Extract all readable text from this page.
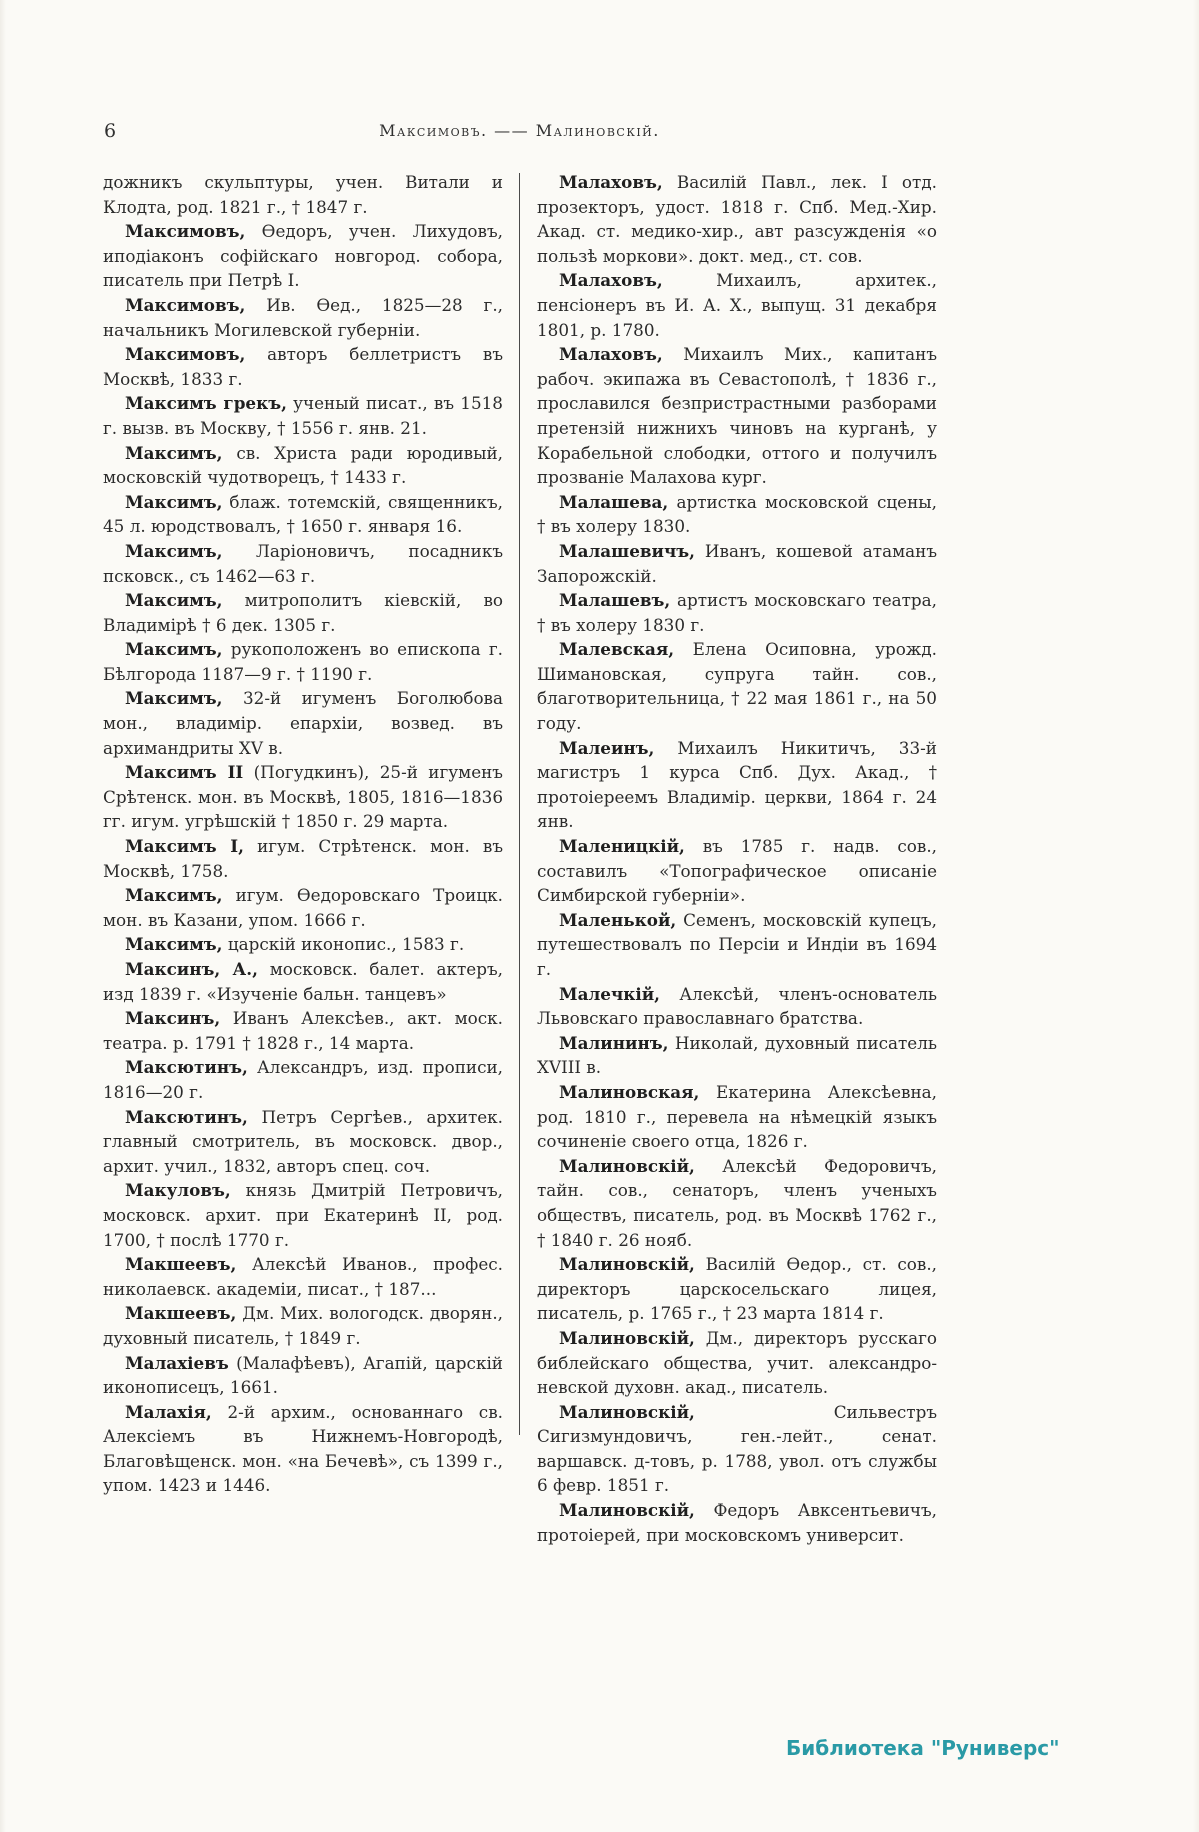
6	Максимовъ. —— Малиновскій.

дожникъ скульптуры, учен. Витали и Клодта, род. 1821 г., † 1847 г.

Максимовъ, Ѳедоръ, учен. Лихудовъ, иподіаконъ софійскаго новгород. собора, писатель при Петрѣ I.

Максимовъ, Ив. Ѳед., 1825—28 г., начальникъ Могилевской губерніи.

Максимовъ, авторъ беллетристъ въ Москвѣ, 1833 г.

Максимъ грекъ, ученый писат., въ 1518 г. вызв. въ Москву, † 1556 г. янв. 21.

Максимъ, св. Христа ради юродивый, московскій чудотворецъ, † 1433 г.

Максимъ, блаж. тотемскій, священникъ, 45 л. юродствовалъ, † 1650 г. января 16.

Максимъ, Ларіоновичъ, посадникъ псковск., съ 1462—63 г.

Максимъ, митрополитъ кіевскій, во Владимірѣ † 6 дек. 1305 г.

Максимъ, рукоположенъ во епископа г. Бѣлгорода 1187—9 г. † 1190 г.

Максимъ, 32-й игуменъ Боголюбова мон., владимір. епархіи, возвед. въ архимандриты XV в.

Максимъ II (Погудкинъ), 25-й игуменъ Срѣтенск. мон. въ Москвѣ, 1805, 1816—1836 гг. игум. угрѣшскій † 1850 г. 29 марта.

Максимъ I, игум. Стрѣтенск. мон. въ Москвѣ, 1758.

Максимъ, игум. Ѳедоровскаго Троицк. мон. въ Казани, упом. 1666 г.

Максимъ, царскій иконопис., 1583 г.

Максинъ, А., московск. балет. актеръ, изд 1839 г. «Изученіе бальн. танцевъ»

Максинъ, Иванъ Алексѣев., акт. моск. театра. р. 1791 † 1828 г., 14 марта.

Максютинъ, Александръ, изд. прописи, 1816—20 г.

Максютинъ, Петръ Сергѣев., архитек. главный смотритель, въ московск. двор., архит. учил., 1832, авторъ спец. соч.

Макуловъ, князь Дмитрій Петровичъ, московск. архит. при Екатеринѣ II, род. 1700, † послѣ 1770 г.

Макшеевъ, Алексѣй Иванов., профес. николаевск. академіи, писат., † 187...

Макшеевъ, Дм. Мих. вологодск. дворян., духовный писатель, † 1849 г.

Малахіевъ (Малафѣевъ), Агапій, царскій иконописецъ, 1661.

Малахія, 2-й архим., основаннаго св. Алексіемъ въ Нижнемъ-Новгородѣ, Благовѣщенск. мон. «на Бечевѣ», съ 1399 г., упом. 1423 и 1446.

Малаховъ, Василій Павл., лек. I отд. прозекторъ, удост. 1818 г. Спб. Мед.-Хир. Акад. ст. медико-хир., авт разсужденія «о пользѣ моркови». докт. мед., ст. сов.

Малаховъ, Михаилъ, архитек., пенсіонеръ въ И. А. Х., выпущ. 31 декабря 1801, р. 1780.

Малаховъ, Михаилъ Мих., капитанъ рабоч. экипажа въ Севастополѣ, † 1836 г., прославился безпристрастными разборами претензій нижнихъ чиновъ на курганѣ, у Корабельной слободки, оттого и получилъ прозваніе Малахова кург.

Малашева, артистка московской сцены, † въ холеру 1830.

Малашевичъ, Иванъ, кошевой атаманъ Запорожскій.

Малашевъ, артистъ московскаго театра, † въ холеру 1830 г.

Малевская, Елена Осиповна, урожд. Шимановская, супруга тайн. сов., благотворительница, † 22 мая 1861 г., на 50 году.

Малеинъ, Михаилъ Никитичъ, 33-й магистръ 1 курса Спб. Дух. Акад., † протоіереемъ Владимір. церкви, 1864 г. 24 янв.

Маленицкій, въ 1785 г. надв. сов., составилъ «Топографическое описаніе Симбирской губерніи».

Маленькой, Семенъ, московскій купецъ, путешествовалъ по Персіи и Индіи въ 1694 г.

Малечкій, Алексѣй, членъ-основатель Львовскаго православнаго братства.

Малининъ, Николай, духовный писатель XVIII в.

Малиновская, Екатерина Алексѣевна, род. 1810 г., перевела на нѣмецкій языкъ сочиненіе своего отца, 1826 г.

Малиновскій, Алексѣй Федоровичъ, тайн. сов., сенаторъ, членъ ученыхъ обществъ, писатель, род. въ Москвѣ 1762 г., † 1840 г. 26 нояб.

Малиновскій, Василій Ѳедор., ст. сов., директоръ царскосельскаго лицея, писатель, р. 1765 г., † 23 марта 1814 г.

Малиновскій, Дм., директоръ русскаго библейскаго общества, учит. александро-невской духовн. акад., писатель.

Малиновскій, Сильвестръ Сигизмундовичъ, ген.-лейт., сенат. варшавск. д-товъ, р. 1788, увол. отъ службы 6 февр. 1851 г.

Малиновскій, Федоръ Авксентьевичъ, протоіерей, при московскомъ университ.

Библиотека "Руниверс"
